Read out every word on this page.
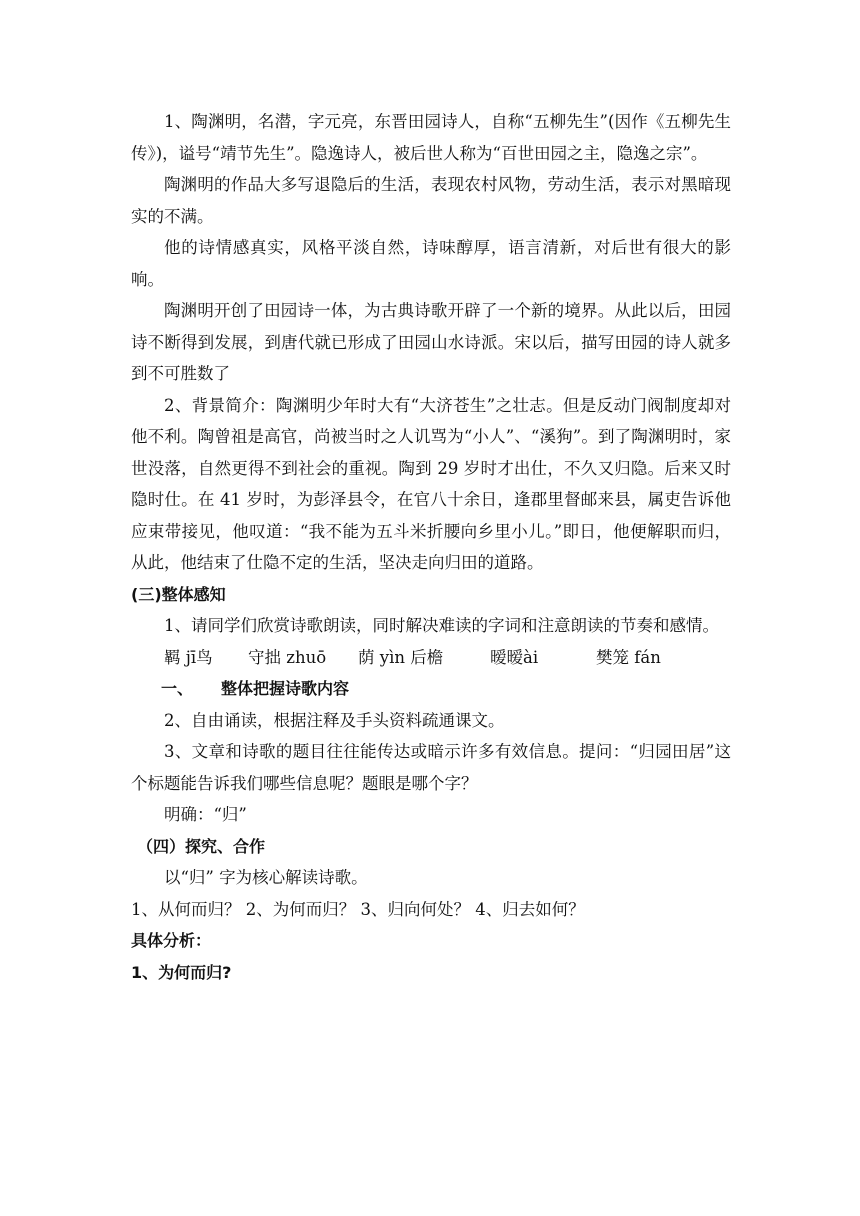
1、陶渊明，名潜，字元亮，东晋田园诗人，自称“五柳先生”(因作《五柳先生传》)，谥号“靖节先生”。隐逸诗人，被后世人称为“百世田园之主，隐逸之宗”。

陶渊明的作品大多写退隐后的生活，表现农村风物，劳动生活，表示对黑暗现实的不满。

他的诗情感真实，风格平淡自然，诗味醇厚，语言清新，对后世有很大的影响。

陶渊明开创了田园诗一体，为古典诗歌开辟了一个新的境界。从此以后，田园诗不断得到发展，到唐代就已形成了田园山水诗派。宋以后，描写田园的诗人就多到不可胜数了

2、背景简介：陶渊明少年时大有“大济苍生”之壮志。但是反动门阀制度却对他不利。陶曾祖是高官，尚被当时之人讥骂为“小人”、“溪狗”。到了陶渊明时，家世没落，自然更得不到社会的重视。陶到 29 岁时才出仕，不久又归隐。后来又时隐时仕。在 41 岁时，为彭泽县令，在官八十余日，逢郡里督邮来县，属吏告诉他应束带接见，他叹道：“我不能为五斗米折腰向乡里小儿。”即日，他便解职而归，从此，他结束了仕隐不定的生活，坚决走向归田的道路。

(三)整体感知

1、请同学们欣赏诗歌朗读，同时解决难读的字词和注意朗读的节奏和感情。

羁 jī鸟 守拙 zhuō 荫 yìn 后檐	暧暧ài	樊笼 fán

一、 整体把握诗歌内容

2、自由诵读，根据注释及手头资料疏通课文。

3、文章和诗歌的题目往往能传达或暗示许多有效信息。提问：“归园田居”这个标题能告诉我们哪些信息呢？题眼是哪个字？

明确：“归”

（四）探究、合作

以“归” 字为核心解读诗歌。

1、从何而归？ 2、为何而归？ 3、归向何处？ 4、归去如何？

具体分析：

1、为何而归?
